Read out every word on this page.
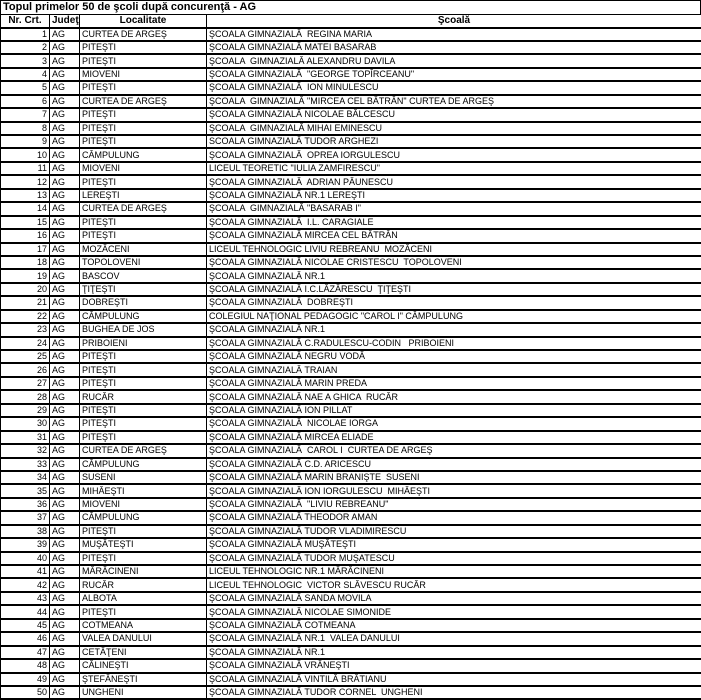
Topul primelor 50 de şcoli după concurenţă - AG
Nr. Crt.	Judeţ	Localitate	Şcoală
1	AG	CURTEA DE ARGEŞ	ŞCOALA GIMNAZIALĂ  REGINA MARIA
2	AG	PITEŞTI	ŞCOALA GIMNAZIALĂ MATEI BASARAB
3	AG	PITEŞTI	ŞCOALA  GIMNAZIALĂ ALEXANDRU DAVILA
4	AG	MIOVENI	ŞCOALA GIMNAZIALĂ  "GEORGE TOPÎRCEANU"
5	AG	PITEŞTI	ŞCOALA GIMNAZIALĂ  ION MINULESCU
6	AG	CURTEA DE ARGEŞ	ŞCOALA  GIMNAZIALĂ "MIRCEA CEL BĂTRÂN" CURTEA DE ARGEŞ
7	AG	PITEŞTI	ŞCOALA GIMNAZIALĂ NICOLAE BĂLCESCU
8	AG	PITEŞTI	ŞCOALA  GIMNAZIALĂ MIHAI EMINESCU
9	AG	PITEŞTI	SCOALA GIMNAZIALĂ TUDOR ARGHEZI
10	AG	CÂMPULUNG	ŞCOALA GIMNAZIALĂ  OPREA IORGULESCU
11	AG	MIOVENI	LICEUL TEORETIC "IULIA ZAMFIRESCU"
12	AG	PITEŞTI	ŞCOALA GIMNAZIALĂ  ADRIAN PĂUNESCU
13	AG	LEREŞTI	ŞCOALA GIMNAZIALĂ NR.1 LEREŞTI
14	AG	CURTEA DE ARGEŞ	ŞCOALA  GIMNAZIALĂ "BASARAB I"
15	AG	PITEŞTI	ŞCOALA GIMNAZIALĂ  I.L. CARAGIALE
16	AG	PITEŞTI	ŞCOALA GIMNAZIALĂ MIRCEA CEL BĂTRÂN
17	AG	MOZĂCENI	LICEUL TEHNOLOGIC LIVIU REBREANU  MOZĂCENI
18	AG	TOPOLOVENI	ŞCOALA GIMNAZIALĂ NICOLAE CRISTESCU  TOPOLOVENI
19	AG	BASCOV	ŞCOALA GIMNAZIALĂ NR.1
20	AG	ŢIŢEŞTI	ŞCOALA GIMNAZIALĂ I.C.LĂZĂRESCU  ŢIŢEŞTI
21	AG	DOBREŞTI	ŞCOALA GIMNAZIALĂ  DOBREŞTI
22	AG	CÂMPULUNG	COLEGIUL NAŢIONAL PEDAGOGIC "CAROL I" CÂMPULUNG
23	AG	BUGHEA DE JOS	ŞCOALA GIMNAZIALĂ NR.1
24	AG	PRIBOIENI	ŞCOALA GIMNAZIALĂ C.RADULESCU-CODIN   PRIBOIENI
25	AG	PITEŞTI	ŞCOALA GIMNAZIALĂ NEGRU VODĂ
26	AG	PITEŞTI	ŞCOALA GIMNAZIALĂ TRAIAN
27	AG	PITEŞTI	ŞCOALA GIMNAZIALĂ MARIN PREDA
28	AG	RUCĂR	ŞCOALA GIMNAZIALĂ NAE A GHICA  RUCĂR
29	AG	PITEŞTI	ŞCOALA GIMNAZIALĂ ION PILLAT
30	AG	PITEŞTI	ŞCOALA GIMNAZIALĂ  NICOLAE IORGA
31	AG	PITEŞTI	ŞCOALA GIMNAZIALĂ MIRCEA ELIADE
32	AG	CURTEA DE ARGEŞ	ŞCOALA GIMNAZIALĂ  CAROL I  CURTEA DE ARGEŞ
33	AG	CÂMPULUNG	ŞCOALA GIMNAZIALĂ C.D. ARICESCU
34	AG	SUSENI	ŞCOALA GIMNAZIALĂ MARIN BRANIŞTE  SUSENI
35	AG	MIHĂEŞTI	ŞCOALA GIMNAZIALĂ ION IORGULESCU  MIHĂEŞTI
36	AG	MIOVENI	ŞCOALA GIMNAZIALĂ  "LIVIU REBREANU"
37	AG	CÂMPULUNG	ŞCOALA GIMNAZIALĂ THEODOR AMAN
38	AG	PITEŞTI	ŞCOALA GIMNAZIALĂ TUDOR VLADIMIRESCU
39	AG	MUŞĂTEŞTI	ŞCOALA GIMNAZIALĂ MUŞĂTEŞTI
40	AG	PITEŞTI	ŞCOALA GIMNAZIALĂ TUDOR MUŞATESCU
41	AG	MĂRĂCINENI	LICEUL TEHNOLOGIC NR.1 MĂRĂCINENI
42	AG	RUCĂR	LICEUL TEHNOLOGIC  VICTOR SLĂVESCU RUCĂR
43	AG	ALBOTA	ŞCOALA GIMNAZIALĂ SANDA MOVILA
44	AG	PITEŞTI	ŞCOALA GIMNAZIALĂ NICOLAE SIMONIDE
45	AG	COTMEANA	ŞCOALA GIMNAZIALĂ COTMEANA
46	AG	VALEA DANULUI	ŞCOALA GIMNAZIALĂ NR.1  VALEA DANULUI
47	AG	CETĂŢENI	ŞCOALA GIMNAZIALĂ NR.1
48	AG	CĂLINEŞTI	ŞCOALA GIMNAZIALĂ VRĂNEŞTI
49	AG	ŞTEFĂNEŞTI	ŞCOALA GIMNAZIALĂ VINTILĂ BRĂTIANU
50	AG	UNGHENI	ŞCOALA GIMNAZIALĂ TUDOR CORNEL  UNGHENI
